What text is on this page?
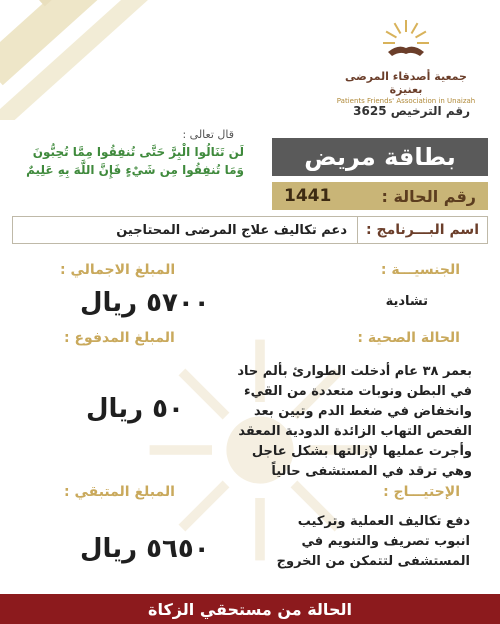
جمعية أصدقاء المرضى بعنيزة
Patients Friends' Association in Unaizah
رقم الترخيص 3625
بطاقة مريض
رقم الحالة :
1441
قال تعالى :
لَن تَنَالُوا الْبِرَّ حَتَّى تُنفِقُوا مِمَّا تُحِبُّونَ
وَمَا تُنفِقُوا مِن شَيْءٍ فَإِنَّ اللَّهَ بِهِ عَلِيمٌ
اسم البـــرنامج :
دعم تكاليف علاج المرضى المحتاجين
الجنسيـــة :
تشادية
الحالة الصحية :
بعمر ٣٨ عام أدخلت الطوارئ بألم حاد في البطن ونوبات متعددة من القيء وانخفاض في ضغط الدم وتبين بعد الفحص التهاب الزائدة الدودية المعقد وأجرت عمليها لإزالتها بشكل عاجل وهي ترقد في المستشفى حالياً
الإحتيـــاج :
دفع تكاليف العملية وتركيب انبوب تصريف والتنويم في المستشفى لتتمكن من الخروج
المبلغ الاجمالي :
٥٧٠٠ ريال
المبلغ المدفوع :
٥٠ ريال
المبلغ المتبقي :
٥٦٥٠ ريال
الحالة من مستحقي الزكاة
